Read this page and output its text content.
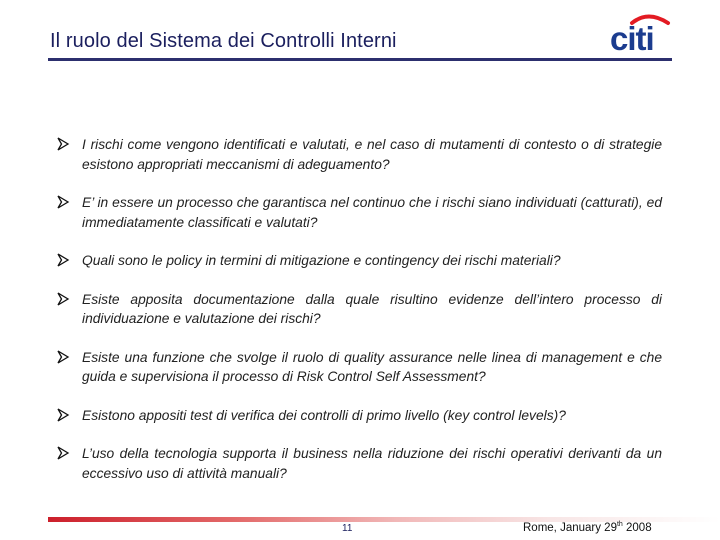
Il ruolo del Sistema dei Controlli Interni	citi
I rischi come vengono identificati e valutati, e nel caso di mutamenti di contesto o di strategie esistono appropriati meccanismi di adeguamento?
E’ in essere un processo che garantisca nel continuo che i rischi siano individuati (catturati), ed immediatamente classificati e valutati?
Quali sono le policy in termini di mitigazione e contingency dei rischi materiali?
Esiste apposita documentazione dalla quale risultino evidenze dell’intero processo di individuazione e valutazione dei rischi?
Esiste una funzione che svolge il ruolo di quality assurance nelle linea di management e che guida e supervisiona il processo di Risk Control Self Assessment?
Esistono appositi test di verifica dei controlli di primo livello (key control levels)?
L’uso della tecnologia supporta il business nella riduzione dei rischi operativi derivanti da un eccessivo uso di attività manuali?
11	Rome, January 29th 2008
